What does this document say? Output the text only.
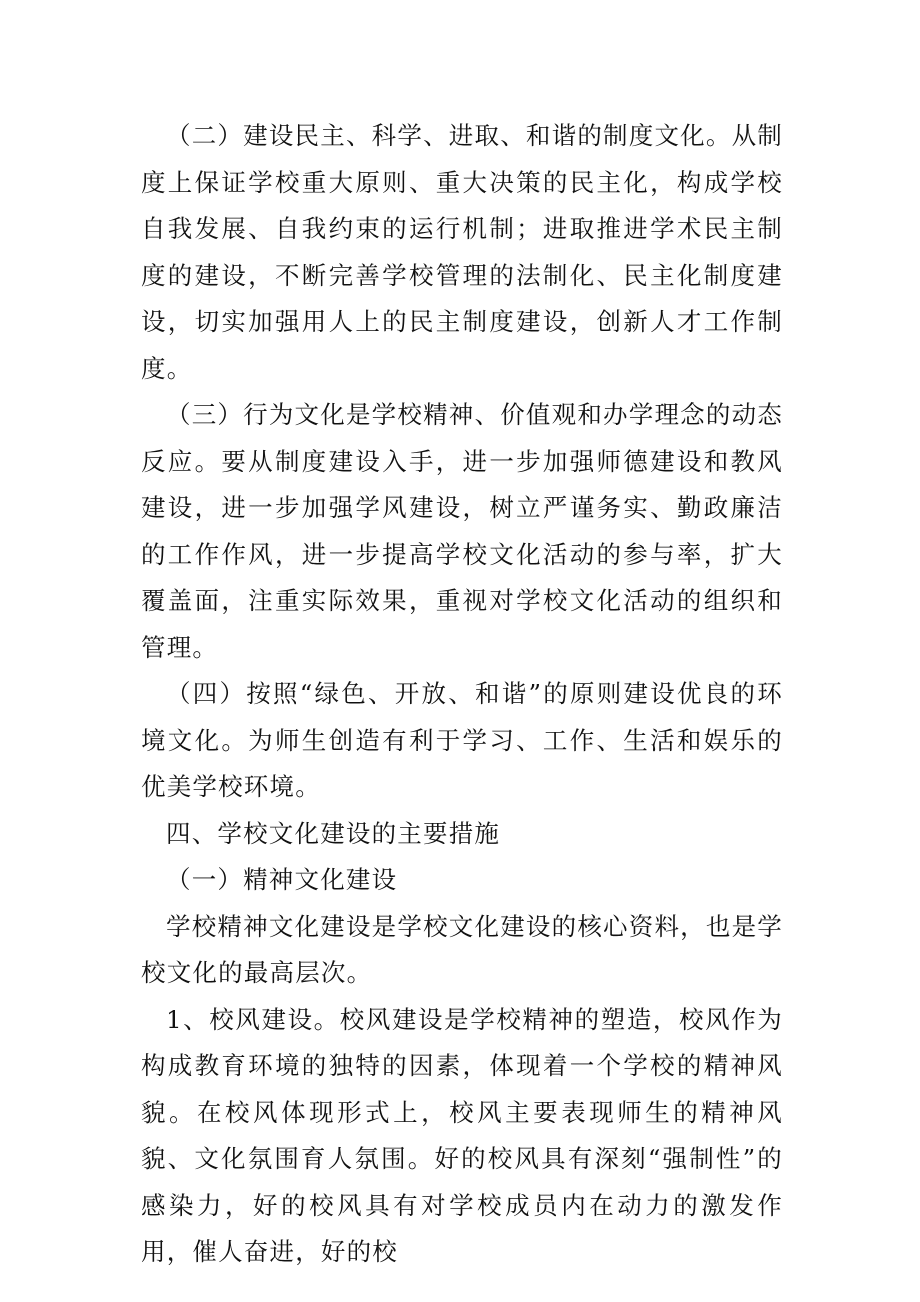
（二）建设民主、科学、进取、和谐的制度文化。从制度上保证学校重大原则、重大决策的民主化，构成学校自我发展、自我约束的运行机制；进取推进学术民主制度的建设，不断完善学校管理的法制化、民主化制度建设，切实加强用人上的民主制度建设，创新人才工作制度。

（三）行为文化是学校精神、价值观和办学理念的动态反应。要从制度建设入手，进一步加强师德建设和教风建设，进一步加强学风建设，树立严谨务实、勤政廉洁的工作作风，进一步提高学校文化活动的参与率，扩大覆盖面，注重实际效果，重视对学校文化活动的组织和管理。

（四）按照“绿色、开放、和谐”的原则建设优良的环境文化。为师生创造有利于学习、工作、生活和娱乐的优美学校环境。

四、学校文化建设的主要措施

（一）精神文化建设

学校精神文化建设是学校文化建设的核心资料，也是学校文化的最高层次。

1、校风建设。校风建设是学校精神的塑造，校风作为构成教育环境的独特的因素，体现着一个学校的精神风貌。在校风体现形式上，校风主要表现师生的精神风貌、文化氛围育人氛围。好的校风具有深刻“强制性”的感染力，好的校风具有对学校成员内在动力的激发作用，催人奋进，好的校
